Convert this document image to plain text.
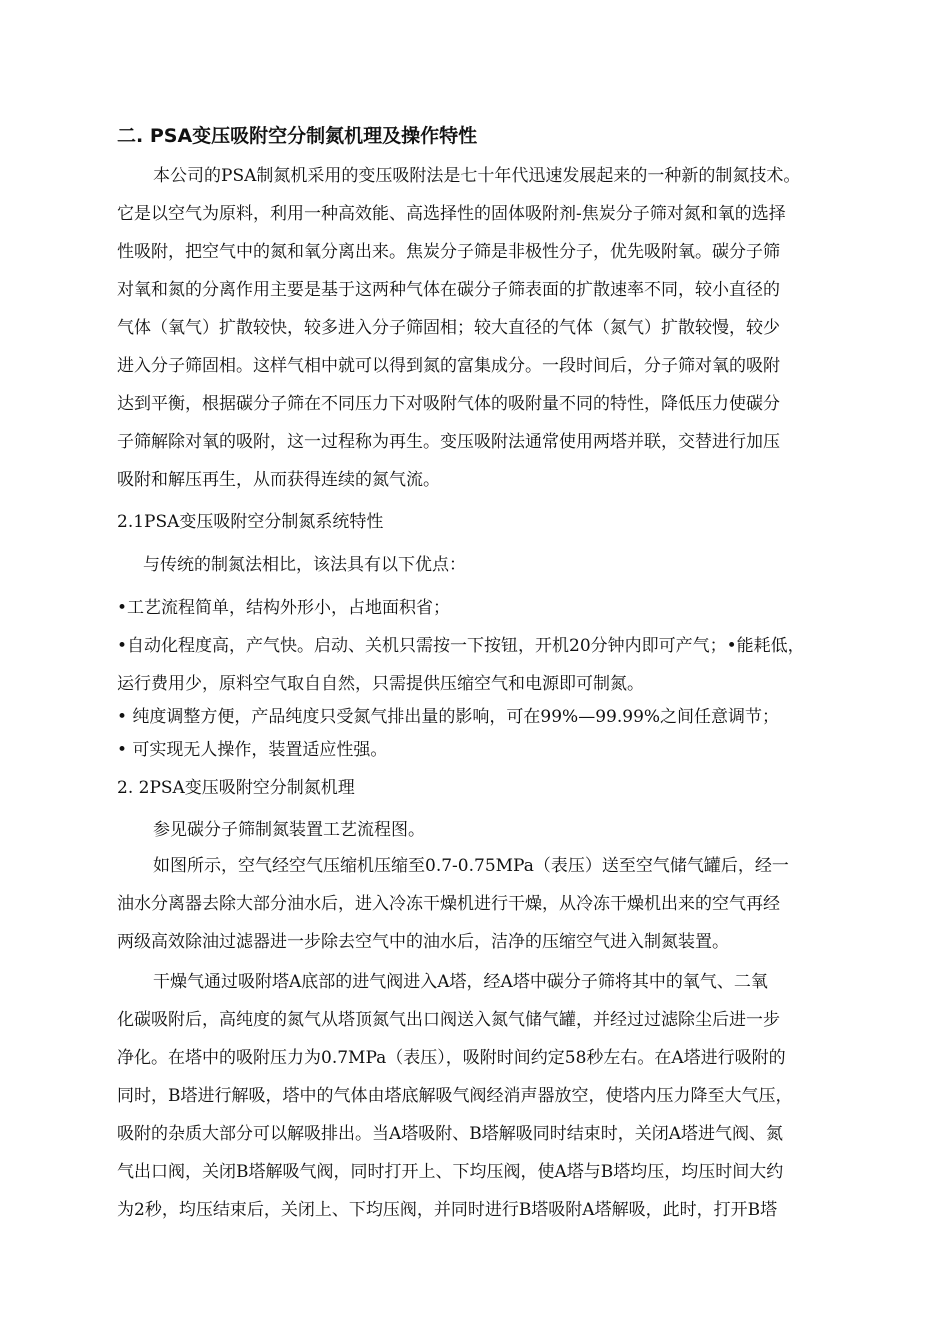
二. PSA变压吸附空分制氮机理及操作特性
本公司的PSA制氮机采用的变压吸附法是七十年代迅速发展起来的一种新的制氮技术。
它是以空气为原料，利用一种高效能、高选择性的固体吸附剂-焦炭分子筛对氮和氧的选择
性吸附，把空气中的氮和氧分离出来。焦炭分子筛是非极性分子，优先吸附氧。碳分子筛
对氧和氮的分离作用主要是基于这两种气体在碳分子筛表面的扩散速率不同，较小直径的
气体（氧气）扩散较快，较多进入分子筛固相；较大直径的气体（氮气）扩散较慢，较少
进入分子筛固相。这样气相中就可以得到氮的富集成分。一段时间后，分子筛对氧的吸附
达到平衡，根据碳分子筛在不同压力下对吸附气体的吸附量不同的特性，降低压力使碳分
子筛解除对氧的吸附，这一过程称为再生。变压吸附法通常使用两塔并联，交替进行加压
吸附和解压再生，从而获得连续的氮气流。
2.1PSA变压吸附空分制氮系统特性
与传统的制氮法相比，该法具有以下优点：
•工艺流程简单，结构外形小，占地面积省；
•自动化程度高，产气快。启动、关机只需按一下按钮，开机20分钟内即可产气；•能耗低，
运行费用少，原料空气取自自然，只需提供压缩空气和电源即可制氮。
• 纯度调整方便，产品纯度只受氮气排出量的影响，可在99%—99.99%之间任意调节；
• 可实现无人操作，装置适应性强。
2. 2PSA变压吸附空分制氮机理
参见碳分子筛制氮装置工艺流程图。
如图所示，空气经空气压缩机压缩至0.7-0.75MPa（表压）送至空气储气罐后，经一
油水分离器去除大部分油水后，进入冷冻干燥机进行干燥，从冷冻干燥机出来的空气再经
两级高效除油过滤器进一步除去空气中的油水后，洁净的压缩空气进入制氮装置。
干燥气通过吸附塔A底部的进气阀进入A塔，经A塔中碳分子筛将其中的氧气、二氧
化碳吸附后，高纯度的氮气从塔顶氮气出口阀送入氮气储气罐，并经过过滤除尘后进一步
净化。在塔中的吸附压力为0.7MPa（表压），吸附时间约定58秒左右。在A塔进行吸附的
同时，B塔进行解吸，塔中的气体由塔底解吸气阀经消声器放空，使塔内压力降至大气压，
吸附的杂质大部分可以解吸排出。当A塔吸附、B塔解吸同时结束时，关闭A塔进气阀、氮
气出口阀，关闭B塔解吸气阀，同时打开上、下均压阀，使A塔与B塔均压，均压时间大约
为2秒，均压结束后，关闭上、下均压阀，并同时进行B塔吸附A塔解吸，此时，打开B塔
